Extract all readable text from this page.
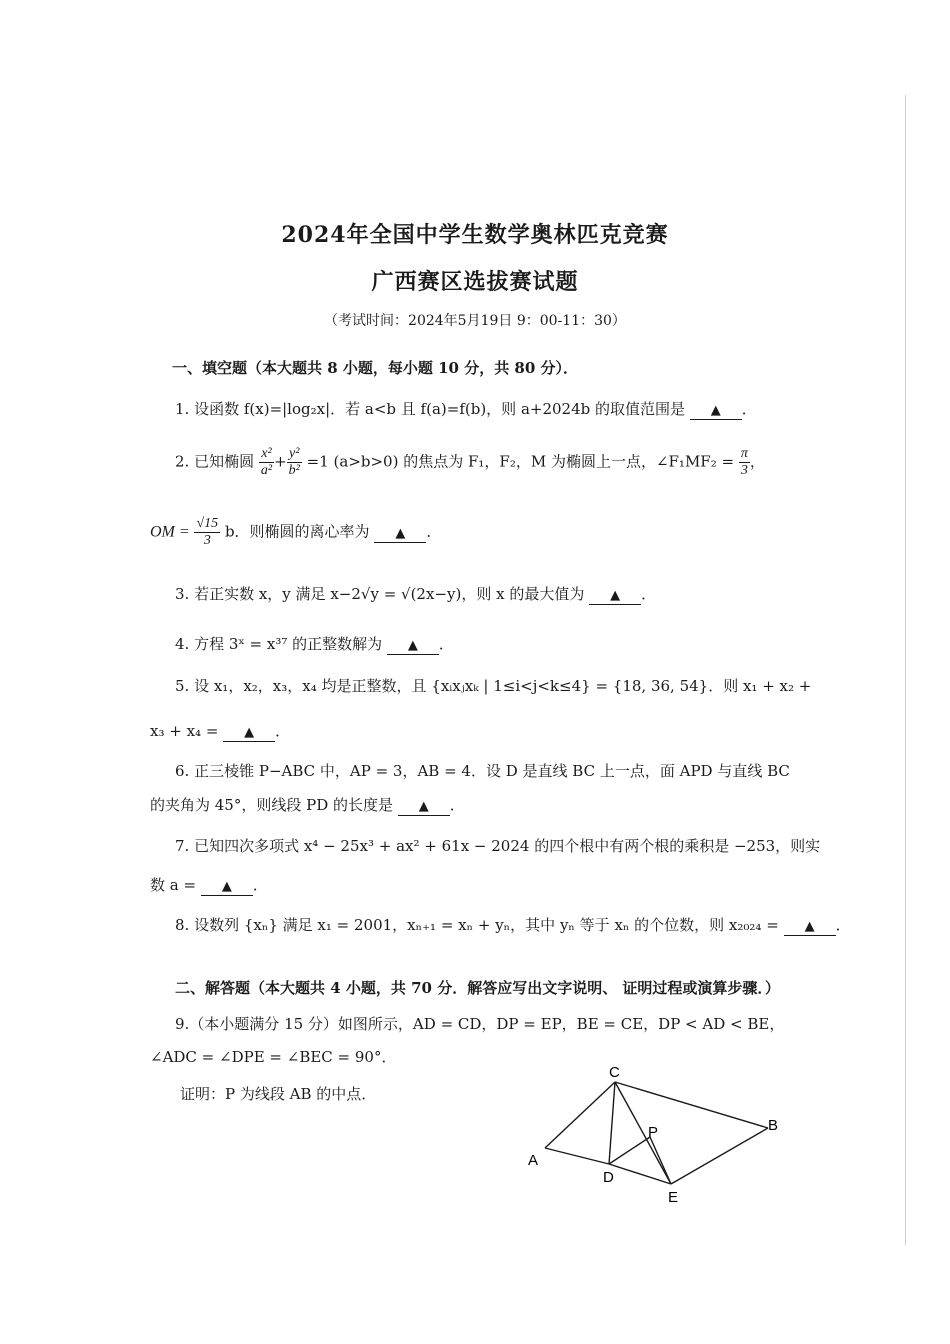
2024年全国中学生数学奥林匹克竞赛
广西赛区选拔赛试题
（考试时间：2024年5月19日 9：00-11：30）
一、填空题（本大题共 8 小题，每小题 10 分，共 80 分）．
1. 设函数 f(x)=|log₂x|．若 a<b 且 f(a)=f(b)，则 a+2024b 的取值范围是 ▲ ．
2. 已知椭圆 $\frac{\text{x²}}{\text{a²}} + \frac{\text{y²}}{\text{b²}} =1$ (a>b>0) 的焦点为 F₁，F₂，M 为椭圆上一点，∠F₁MF₂ = $\frac{\pi}{3}$ ，
OM = $\frac{√15}{3}$ b．则椭圆的离心率为 ▲ ．
3. 若正实数 x，y 满足 x−2√y = √(2x−y)，则 x 的最大值为 ▲ ．
4. 方程 3ˣ = x³⁷ 的正整数解为 ▲ ．
5. 设 x₁，x₂，x₃，x₄ 均是正整数，且 {xᵢxⱼxₖ | 1≤i<j<k≤4} = {18, 36, 54}．则 x₁ + x₂ +
x₃ + x₄ = ▲ ．
6. 正三棱锥 P−ABC 中，AP = 3，AB = 4．设 D 是直线 BC 上一点，面 APD 与直线 BC
的夹角为 45°，则线段 PD 的长度是 ▲ ．
7. 已知四次多项式 x⁴ − 25x³ + ax² + 61x − 2024 的四个根中有两个根的乘积是 −253，则实
数 a = ▲ ．
8. 设数列 {xₙ} 满足 x₁ = 2001，xₙ₊₁ = xₙ + yₙ，其中 yₙ 等于 xₙ 的个位数，则 x₂₀₂₄ = ▲ ．
二、解答题（本大题共 4 小题，共 70 分．解答应写出文字说明、 证明过程或演算步骤．）
9.（本小题满分 15 分）如图所示，AD = CD，DP = EP，BE = CE，DP < AD < BE，
∠ADC = ∠DPE = ∠BEC = 90°．
证明：P 为线段 AB 的中点．
A
B
C
D
E
P
